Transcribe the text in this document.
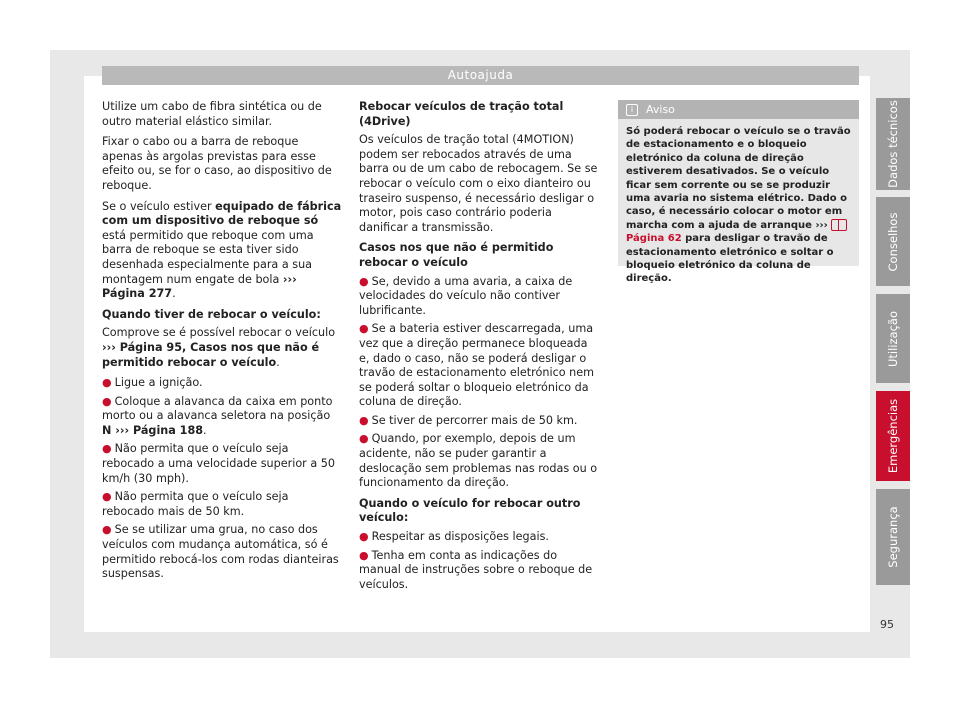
Autoajuda

Utilize um cabo de fibra sintética ou de outro material elástico similar.

Fixar o cabo ou a barra de reboque apenas às argolas previstas para esse efeito ou, se for o caso, ao dispositivo de reboque.

Se o veículo estiver equipado de fábrica com um dispositivo de reboque só está permitido que reboque com uma barra de reboque se esta tiver sido desenhada especialmente para a sua montagem num engate de bola ››› Página 277.

Quando tiver de rebocar o veículo:

Comprove se é possível rebocar o veículo ››› Página 95, Casos nos que não é permitido rebocar o veículo.

● Ligue a ignição.
● Coloque a alavanca da caixa em ponto morto ou a alavanca seletora na posição N ››› Página 188.
● Não permita que o veículo seja rebocado a uma velocidade superior a 50 km/h (30 mph).
● Não permita que o veículo seja rebocado mais de 50 km.
● Se se utilizar uma grua, no caso dos veículos com mudança automática, só é permitido rebocá-los com rodas dianteiras suspensas.

Rebocar veículos de tração total (4Drive)

Os veículos de tração total (4MOTION) podem ser rebocados através de uma barra ou de um cabo de rebocagem. Se se rebocar o veículo com o eixo dianteiro ou traseiro suspenso, é necessário desligar o motor, pois caso contrário poderia danificar a transmissão.

Casos nos que não é permitido rebocar o veículo

● Se, devido a uma avaria, a caixa de velocidades do veículo não contiver lubrificante.
● Se a bateria estiver descarregada, uma vez que a direção permanece bloqueada e, dado o caso, não se poderá desligar o travão de estacionamento eletrónico nem se poderá soltar o bloqueio eletrónico da coluna de direção.
● Se tiver de percorrer mais de 50 km.
● Quando, por exemplo, depois de um acidente, não se puder garantir a deslocação sem problemas nas rodas ou o funcionamento da direção.

Quando o veículo for rebocar outro veículo:

● Respeitar as disposições legais.
● Tenha em conta as indicações do manual de instruções sobre o reboque de veículos.
i Aviso
Só poderá rebocar o veículo se o travão de estacionamento e o bloqueio eletrónico da coluna de direção estiverem desativados. Se o veículo ficar sem corrente ou se se produzir uma avaria no sistema elétrico. Dado o caso, é necessário colocar o motor em marcha com a ajuda de arranque ›››Página 62 para desligar o travão de estacionamento eletrónico e soltar o bloqueio eletrónico da coluna de direção.
Dados técnicos
Conselhos
Utilização
Emergências
Segurança
95
